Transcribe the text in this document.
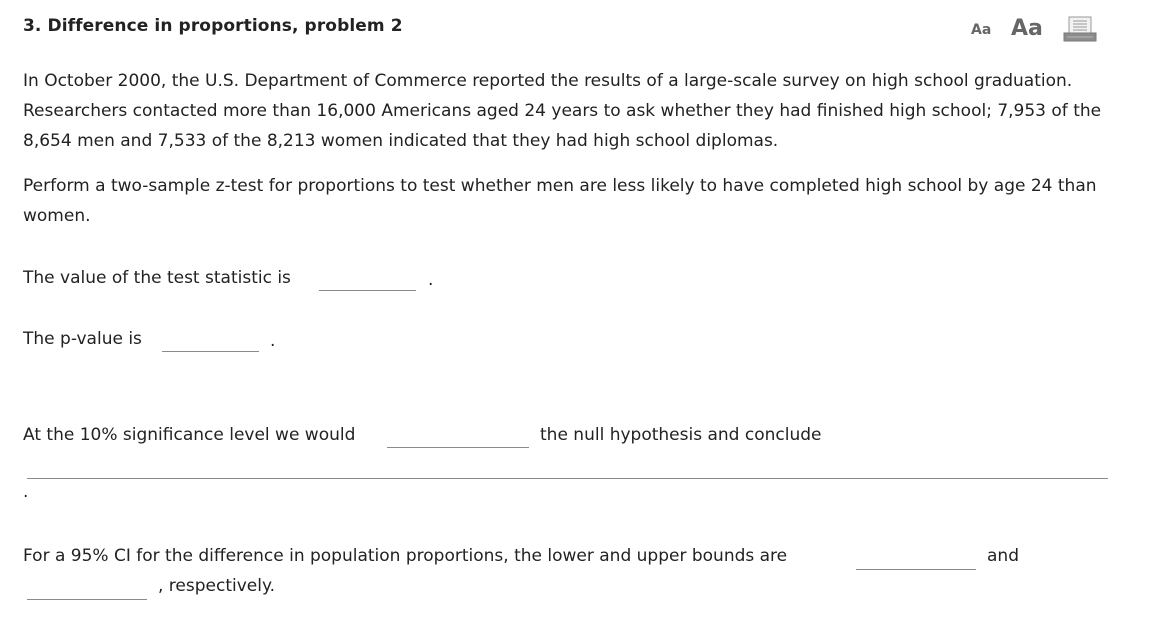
3. Difference in proportions, problem 2	Aa Aa

In October 2000, the U.S. Department of Commerce reported the results of a large-scale survey on high school graduation. Researchers contacted more than 16,000 Americans aged 24 years to ask whether they had finished high school; 7,953 of the 8,654 men and 7,533 of the 8,213 women indicated that they had high school diplomas.

Perform a two-sample z-test for proportions to test whether men are less likely to have completed high school by age 24 than women.

The value of the test statistic is	.
The p-value is	.
At the 10% significance level we would	the null hypothesis and conclude
.
For a 95% CI for the difference in population proportions, the lower and upper bounds are	and
, respectively.
